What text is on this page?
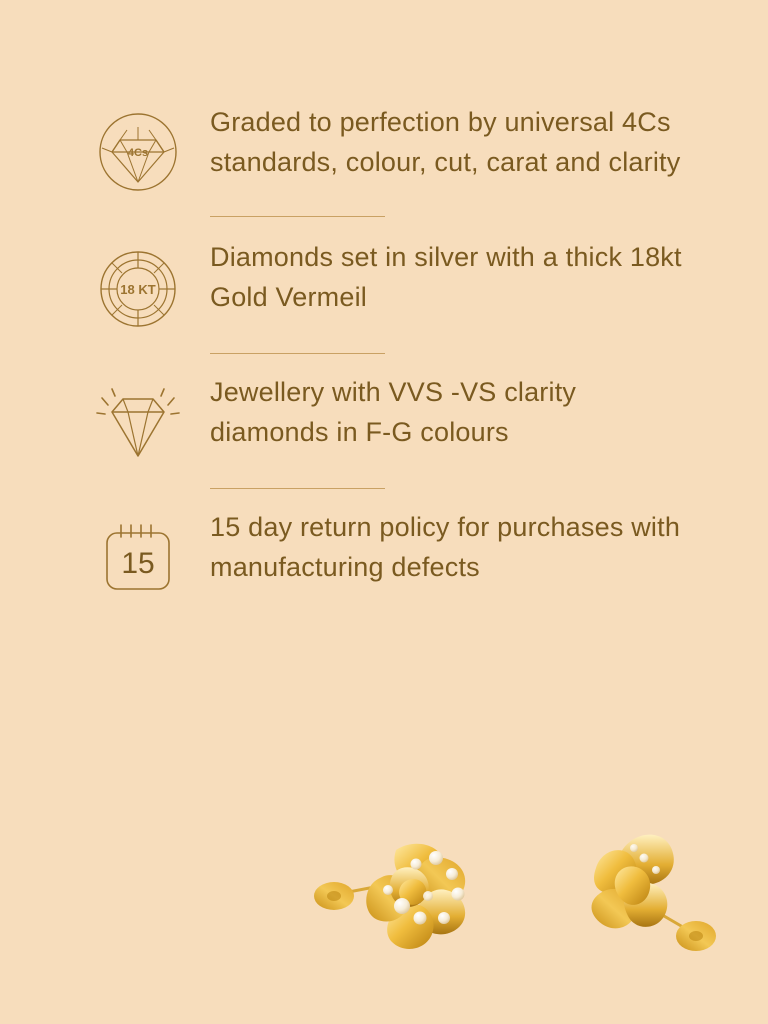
4Cs
Graded to perfection by universal 4Cs standards, colour, cut, carat and clarity
18 KT
Diamonds set in silver with a thick 18kt Gold Vermeil
Jewellery with VVS -VS clarity diamonds in F-G colours
15
15 day return policy for purchases with manufacturing defects
